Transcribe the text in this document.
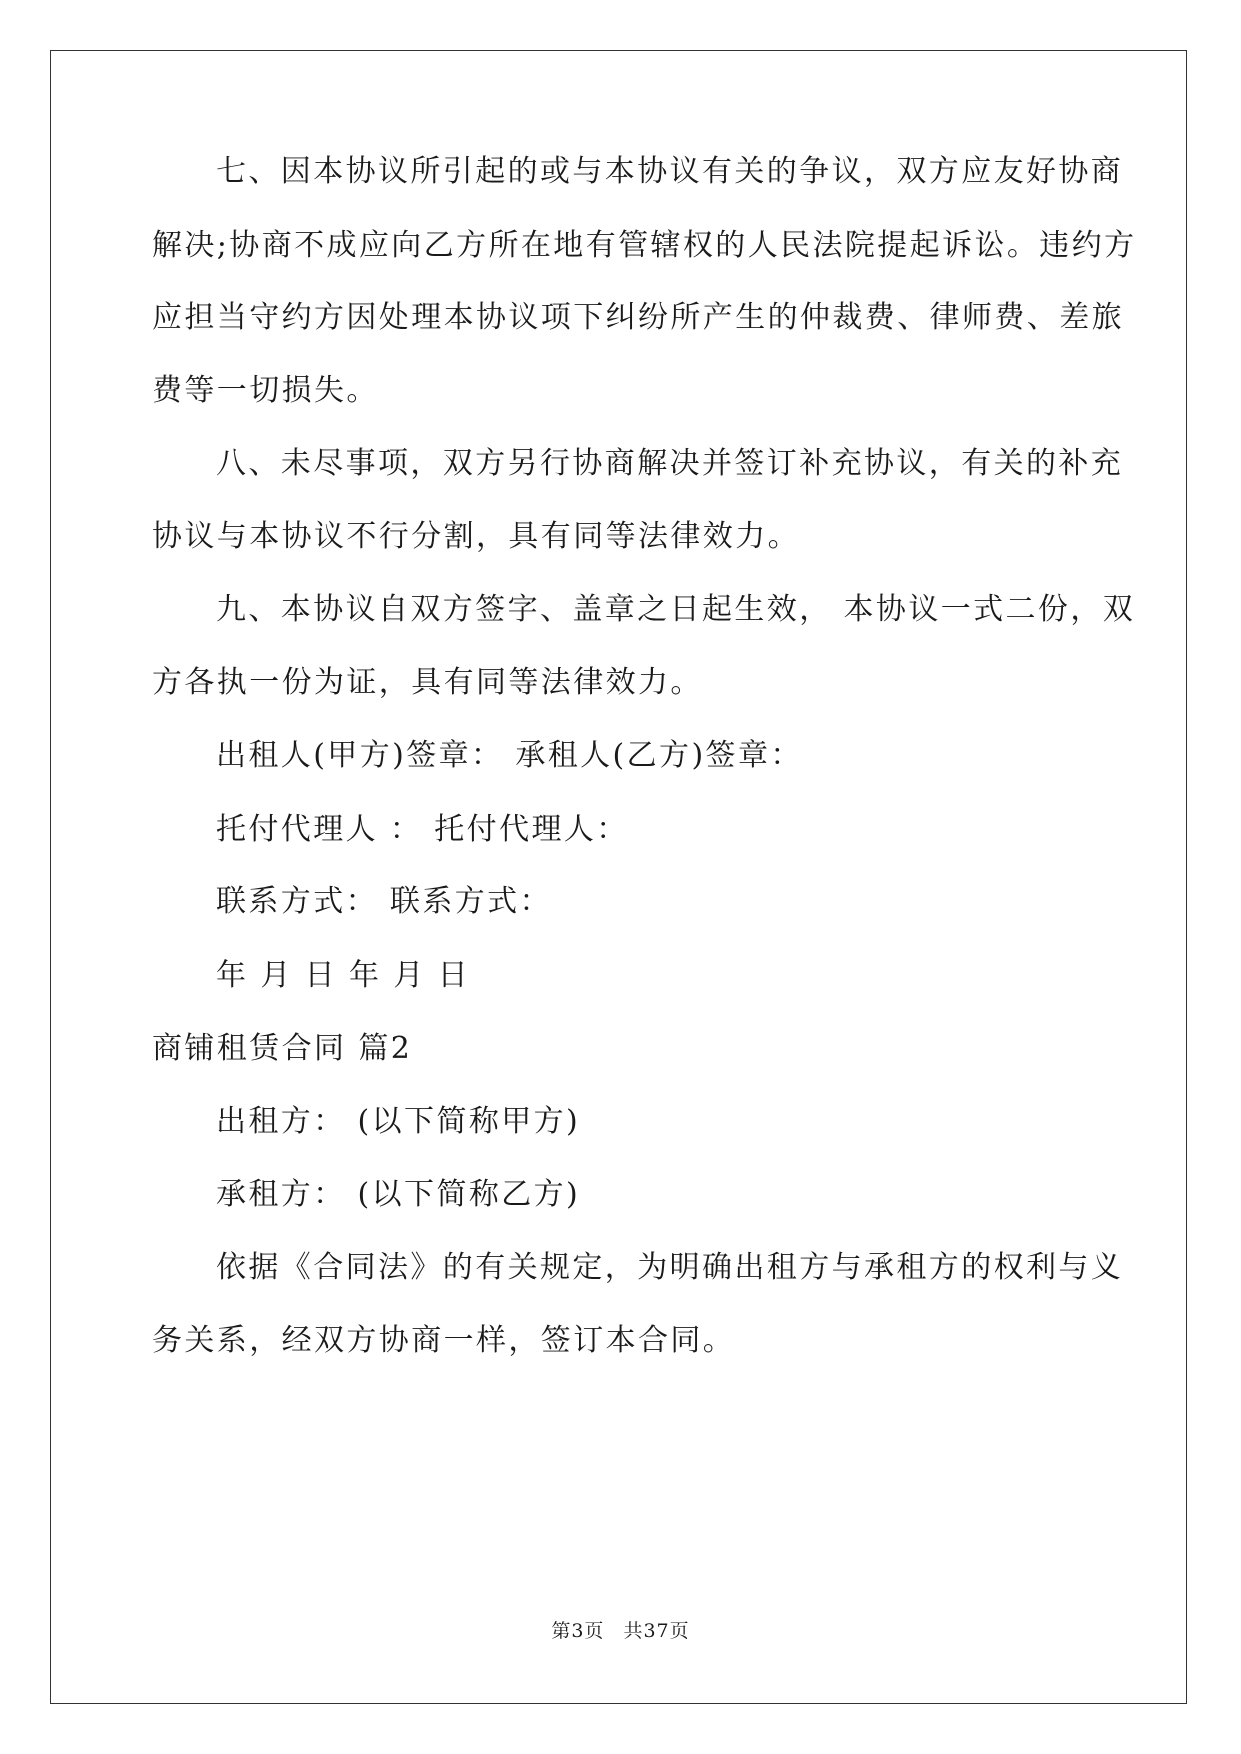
七、因本协议所引起的或与本协议有关的争议，双方应友好协商
解决;协商不成应向乙方所在地有管辖权的人民法院提起诉讼。违约方
应担当守约方因处理本协议项下纠纷所产生的仲裁费、律师费、差旅
费等一切损失。
八、未尽事项，双方另行协商解决并签订补充协议，有关的补充
协议与本协议不行分割，具有同等法律效力。
九、本协议自双方签字、盖章之日起生效， 本协议一式二份，双
方各执一份为证，具有同等法律效力。
出租人(甲方)签章： 承租人(乙方)签章：
托付代理人 ： 托付代理人：
联系方式： 联系方式：
年 月 日 年 月 日
商铺租赁合同 篇2
出租方： (以下简称甲方)
承租方： (以下简称乙方)
依据《合同法》的有关规定，为明确出租方与承租方的权利与义
务关系，经双方协商一样，签订本合同。
第3页 共37页
